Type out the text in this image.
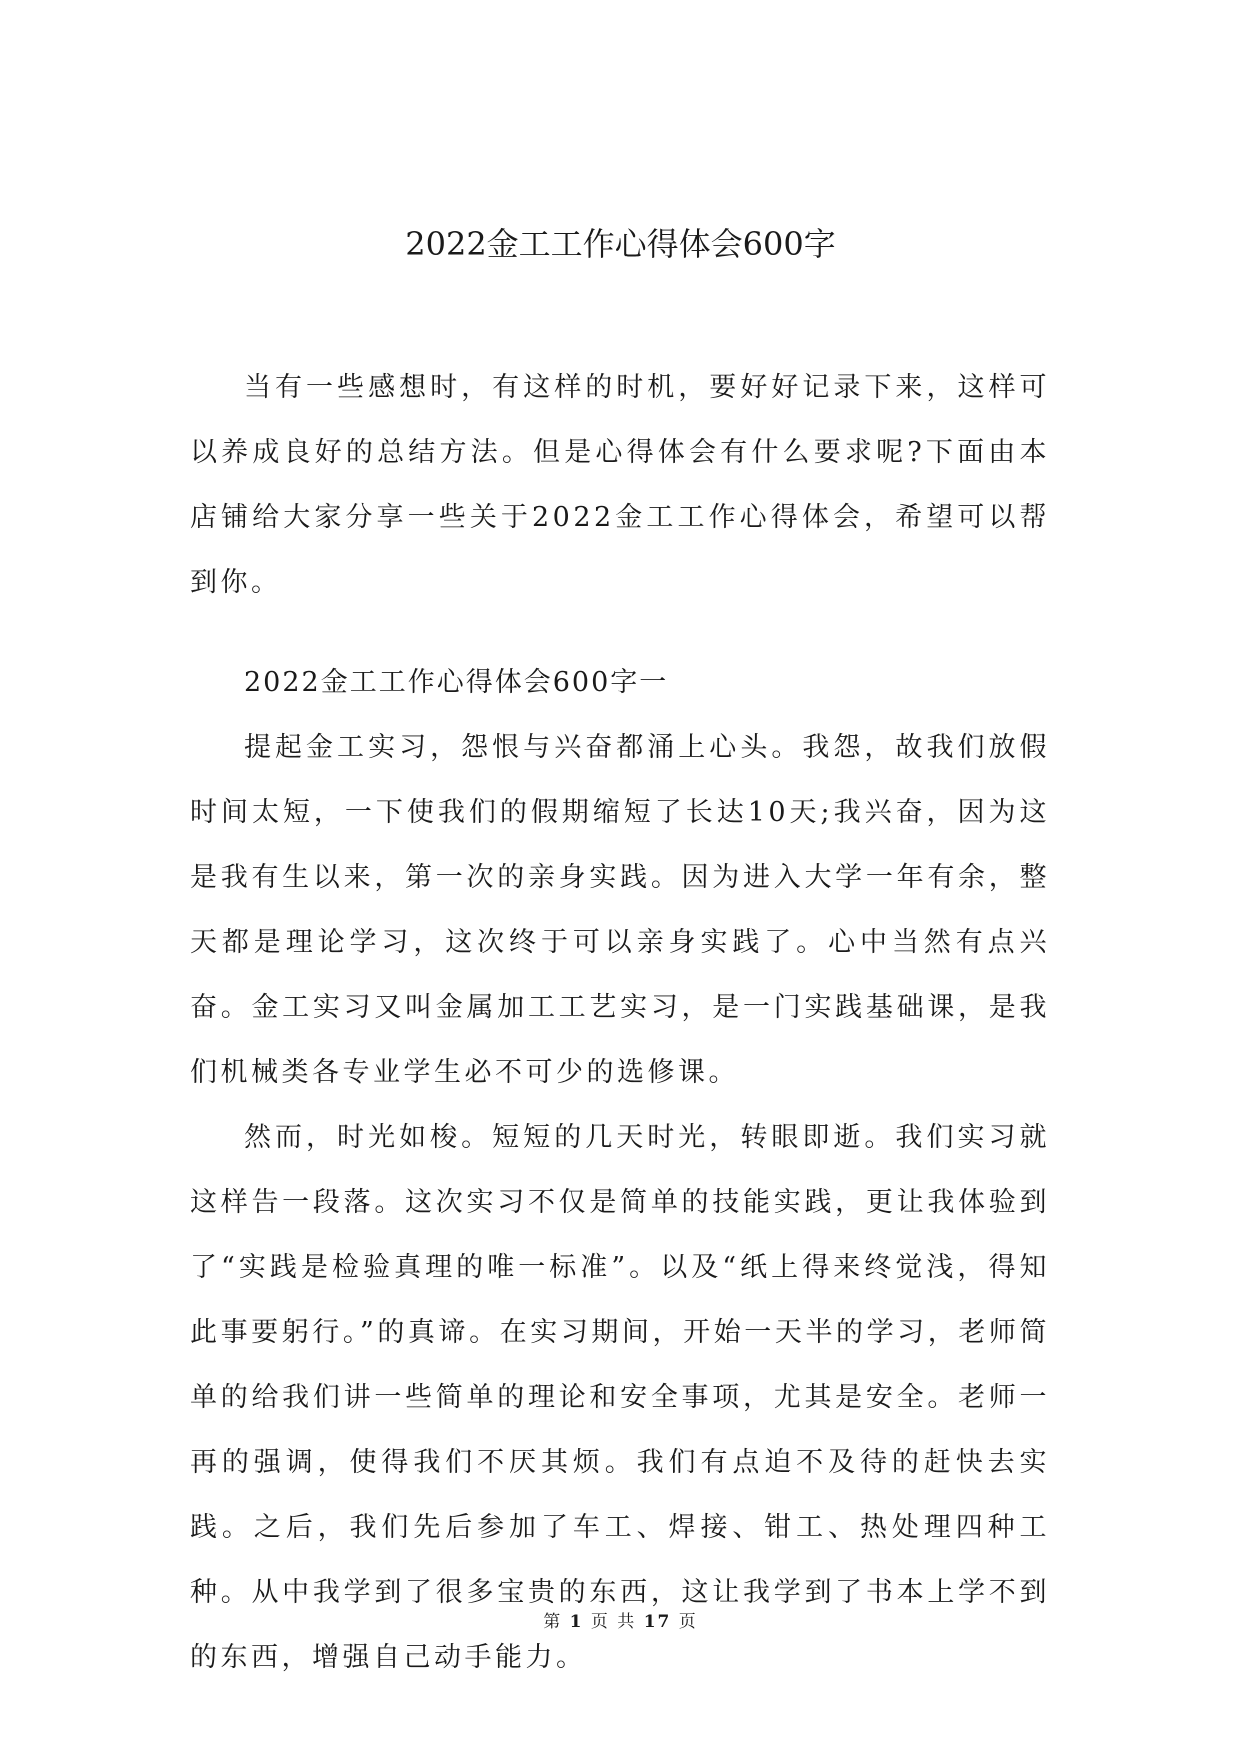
2022金工工作心得体会600字

当有一些感想时，有这样的时机，要好好记录下来，这样可以养成良好的总结方法。但是心得体会有什么要求呢?下面由本店铺给大家分享一些关于2022金工工作心得体会，希望可以帮到你。

2022金工工作心得体会600字一

提起金工实习，怨恨与兴奋都涌上心头。我怨，故我们放假时间太短，一下使我们的假期缩短了长达10天;我兴奋，因为这是我有生以来，第一次的亲身实践。因为进入大学一年有余，整天都是理论学习，这次终于可以亲身实践了。心中当然有点兴奋。金工实习又叫金属加工工艺实习，是一门实践基础课，是我们机械类各专业学生必不可少的选修课。

然而，时光如梭。短短的几天时光，转眼即逝。我们实习就这样告一段落。这次实习不仅是简单的技能实践，更让我体验到了“实践是检验真理的唯一标准”。以及“纸上得来终觉浅，得知此事要躬行。”的真谛。在实习期间，开始一天半的学习，老师简单的给我们讲一些简单的理论和安全事项，尤其是安全。老师一再的强调，使得我们不厌其烦。我们有点迫不及待的赶快去实践。之后，我们先后参加了车工、焊接、钳工、热处理四种工种。从中我学到了很多宝贵的东西，这让我学到了书本上学不到的东西，增强自己动手能力。

第 1 页 共 17 页
